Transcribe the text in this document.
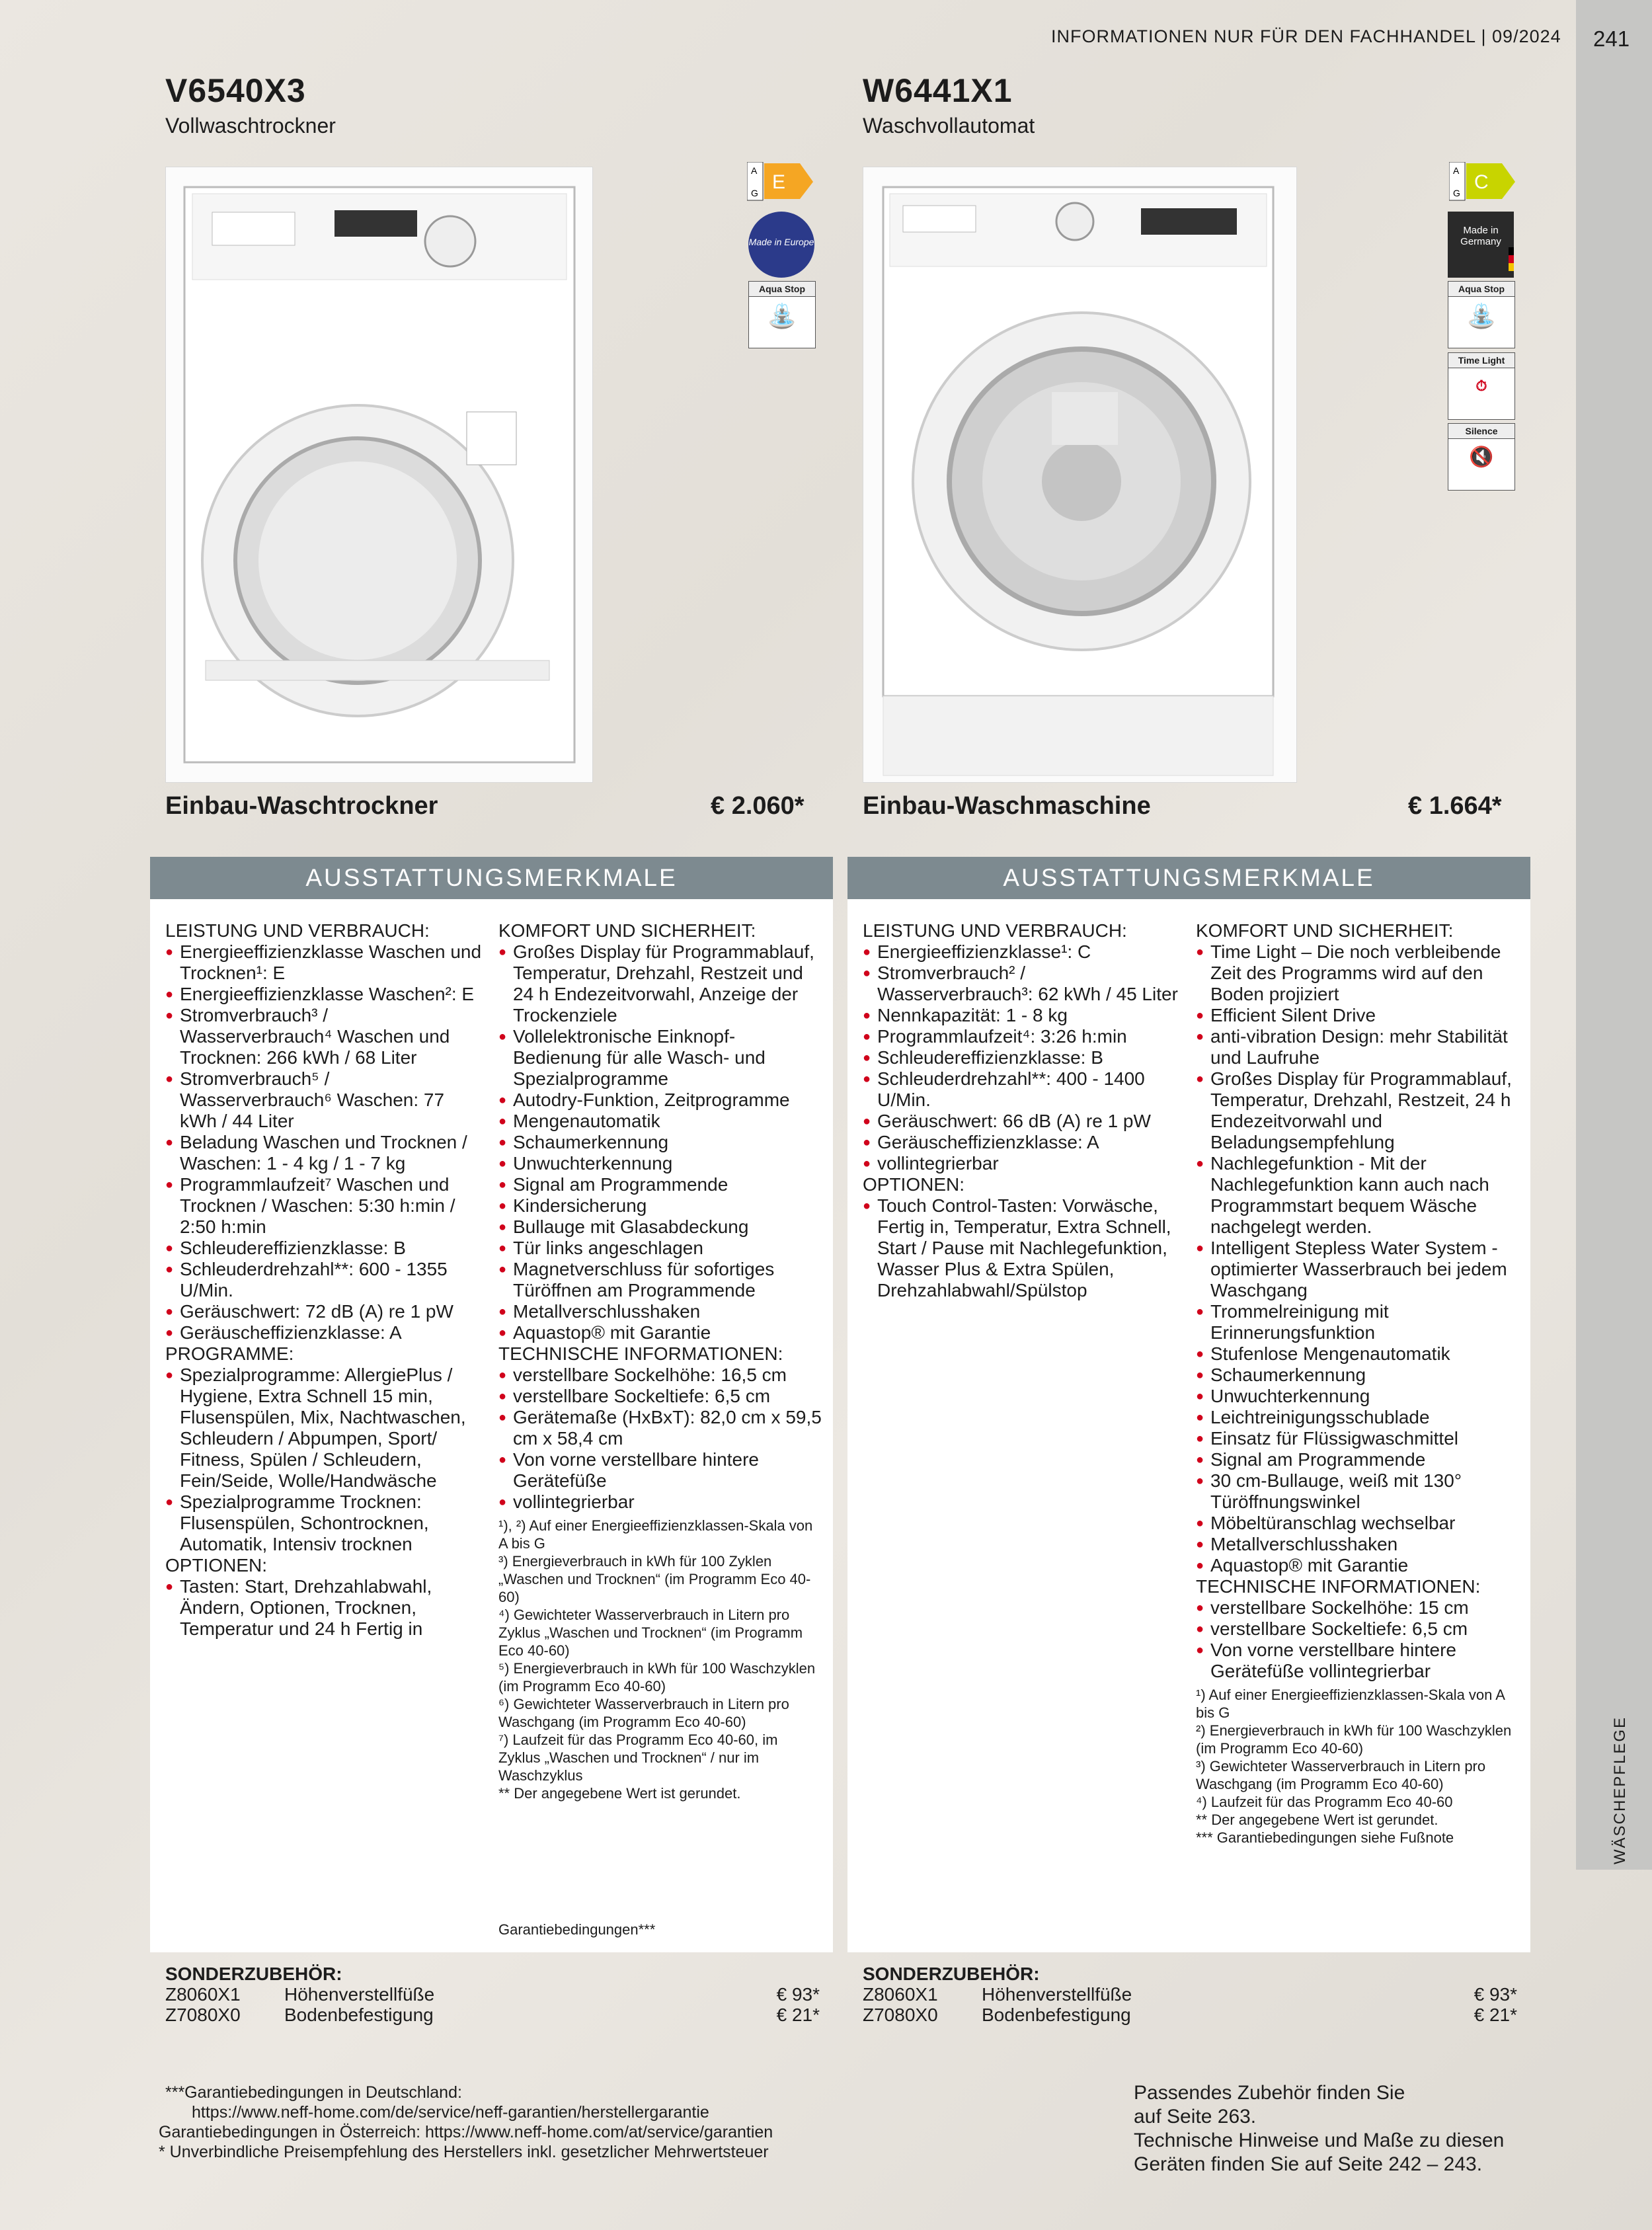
INFORMATIONEN NUR FÜR DEN FACHHANDEL | 09/2024 241
WÄSCHEPFLEGE
V6540X3
Vollwaschtrockner
A
G E
Made in Europe
Aqua Stop
⛲
Einbau-Waschtrockner	€ 2.060*
AUSSTATTUNGSMERKMALE
LEISTUNG UND VERBRAUCH:
● Energieeffizienzklasse Waschen und Trocknen¹: E
● Energieeffizienzklasse Waschen²: E
● Stromverbrauch³ / Wasserverbrauch⁴ Waschen und Trocknen: 266 kWh / 68 Liter
● Stromverbrauch⁵ / Wasserverbrauch⁶ Waschen: 77 kWh / 44 Liter
● Beladung Waschen und Trocknen / Waschen: 1 - 4 kg / 1 - 7 kg
● Programmlaufzeit⁷ Waschen und Trocknen / Waschen: 5:30 h:min / 2:50 h:min
● Schleudereffizienzklasse: B
● Schleuderdrehzahl**: 600 - 1355 U/Min.
● Geräuschwert: 72 dB (A) re 1 pW
● Geräuscheffizienzklasse: A
PROGRAMME:
● Spezialprogramme: AllergiePlus / Hygiene, Extra Schnell 15 min, Flusenspülen, Mix, Nachtwaschen, Schleudern / Abpumpen, Sport/ Fitness, Spülen / Schleudern, Fein/Seide, Wolle/Handwäsche
● Spezialprogramme Trocknen: Flusenspülen, Schontrocknen, Automatik, Intensiv trocknen
OPTIONEN:
● Tasten: Start, Drehzahlabwahl, Ändern, Optionen, Trocknen, Temperatur und 24 h Fertig in
KOMFORT UND SICHERHEIT:
● Großes Display für Programmablauf, Temperatur, Drehzahl, Restzeit und 24 h Endezeitvorwahl, Anzeige der Trockenziele
● Vollelektronische Einknopf-Bedienung für alle Wasch- und Spezialprogramme
● Autodry-Funktion, Zeitprogramme
● Mengenautomatik
● Schaumerkennung
● Unwuchterkennung
● Signal am Programmende
● Kindersicherung
● Bullauge mit Glasabdeckung
● Tür links angeschlagen
● Magnetverschluss für sofortiges Türöffnen am Programmende
● Metallverschlusshaken
● Aquastop® mit Garantie
TECHNISCHE INFORMATIONEN:
● verstellbare Sockelhöhe: 16,5 cm
● verstellbare Sockeltiefe: 6,5 cm
● Gerätemaße (HxBxT): 82,0 cm x 59,5 cm x 58,4 cm
● Von vorne verstellbare hintere Gerätefüße
● vollintegrierbar

¹), ²) Auf einer Energieeffizienzklassen-Skala von A bis G

³) Energieverbrauch in kWh für 100 Zyklen „Waschen und Trocknen“ (im Programm Eco 40-60)

⁴) Gewichteter Wasserverbrauch in Litern pro Zyklus „Waschen und Trocknen“ (im Programm Eco 40-60)

⁵) Energieverbrauch in kWh für 100 Waschzyklen (im Programm Eco 40-60)

⁶) Gewichteter Wasserverbrauch in Litern pro Waschgang (im Programm Eco 40-60)

⁷) Laufzeit für das Programm Eco 40-60, im Zyklus „Waschen und Trocknen“ / nur im Waschzyklus

** Der angegebene Wert ist gerundet.

Garantiebedingungen***
SONDERZUBEHÖR:
Z8060X1 Höhenverstellfüße	€ 93*
Z7080X0 Bodenbefestigung	€ 21*
W6441X1
Waschvollautomat
A
G C
Made in Germany
Aqua Stop
⛲
Time Light
⏱
Silence
🔇
Einbau-Waschmaschine	€ 1.664*
AUSSTATTUNGSMERKMALE
LEISTUNG UND VERBRAUCH:
● Energieeffizienzklasse¹: C
● Stromverbrauch² / Wasserverbrauch³: 62 kWh / 45 Liter
● Nennkapazität: 1 - 8 kg
● Programmlaufzeit⁴: 3:26 h:min
● Schleudereffizienzklasse: B
● Schleuderdrehzahl**: 400 - 1400 U/Min.
● Geräuschwert: 66 dB (A) re 1 pW
● Geräuscheffizienzklasse: A
● vollintegrierbar
OPTIONEN:
● Touch Control-Tasten: Vorwäsche, Fertig in, Temperatur, Extra Schnell, Start / Pause mit Nachlegefunktion, Wasser Plus & Extra Spülen, Drehzahlabwahl/Spülstop
KOMFORT UND SICHERHEIT:
● Time Light – Die noch verbleibende Zeit des Programms wird auf den Boden projiziert
● Efficient Silent Drive
● anti-vibration Design: mehr Stabilität und Laufruhe
● Großes Display für Programmablauf, Temperatur, Drehzahl, Restzeit, 24 h Endezeitvorwahl und Beladungsempfehlung
● Nachlegefunktion - Mit der Nachlegefunktion kann auch nach Programmstart bequem Wäsche nachgelegt werden.
● Intelligent Stepless Water System - optimierter Wasserbrauch bei jedem Waschgang
● Trommelreinigung mit Erinnerungsfunktion
● Stufenlose Mengenautomatik
● Schaumerkennung
● Unwuchterkennung
● Leichtreinigungsschublade
● Einsatz für Flüssigwaschmittel
● Signal am Programmende
● 30 cm-Bullauge, weiß mit 130° Türöffnungswinkel
● Möbeltüranschlag wechselbar
● Metallverschlusshaken
● Aquastop® mit Garantie
TECHNISCHE INFORMATIONEN:
● verstellbare Sockelhöhe: 15 cm
● verstellbare Sockeltiefe: 6,5 cm
● Von vorne verstellbare hintere Gerätefüße vollintegrierbar

¹) Auf einer Energieeffizienzklassen-Skala von A bis G

²) Energieverbrauch in kWh für 100 Waschzyklen (im Programm Eco 40-60)

³) Gewichteter Wasserverbrauch in Litern pro Waschgang (im Programm Eco 40-60)

⁴) Laufzeit für das Programm Eco 40-60

** Der angegebene Wert ist gerundet.

*** Garantiebedingungen siehe Fußnote

SONDERZUBEHÖR:
Z8060X1 Höhenverstellfüße	€ 93*
Z7080X0 Bodenbefestigung	€ 21*
***Garantiebedingungen in Deutschland:
https://www.neff-home.com/de/service/neff-garantien/herstellergarantie
Garantiebedingungen in Österreich: https://www.neff-home.com/at/service/garantien
* Unverbindliche Preisempfehlung des Herstellers inkl. gesetzlicher Mehrwertsteuer
Passendes Zubehör finden Sie
auf Seite 263.
Technische Hinweise und Maße zu diesen
Geräten finden Sie auf Seite 242 – 243.
